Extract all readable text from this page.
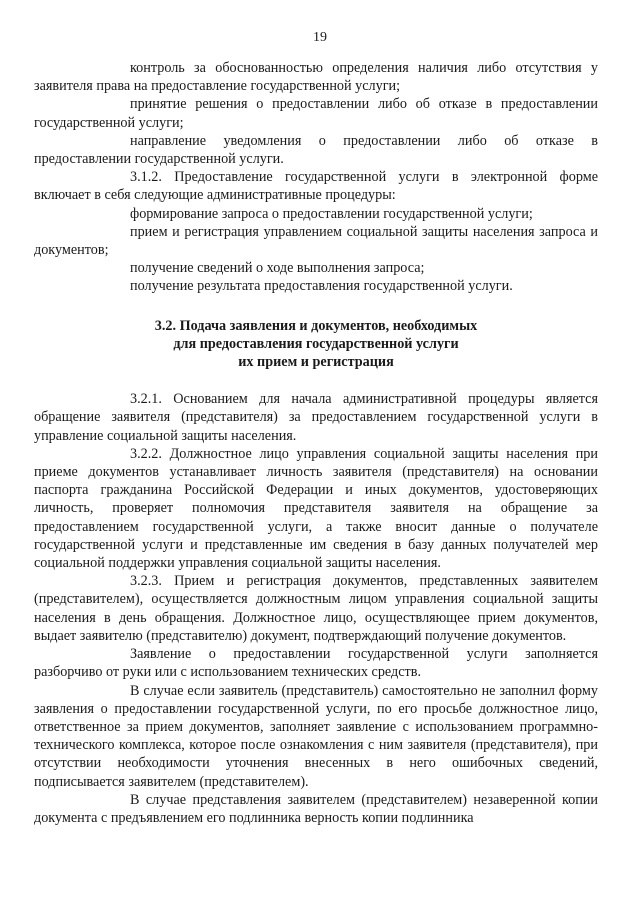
19

контроль за обоснованностью определения наличия либо отсутствия у заявителя права на предоставление государственной услуги;

принятие решения о предоставлении либо об отказе в предоставлении государственной услуги;

направление уведомления о предоставлении либо об отказе в предоставлении государственной услуги.

3.1.2. Предоставление государственной услуги в электронной форме включает в себя следующие административные процедуры:

формирование запроса о предоставлении государственной услуги;

прием и регистрация управлением социальной защиты населения запроса и документов;

получение сведений о ходе выполнения запроса;

получение результата предоставления государственной услуги.

3.2. Подача заявления и документов, необходимых
для предоставления государственной услуги
их прием и регистрация

3.2.1. Основанием для начала административной процедуры является обращение заявителя (представителя) за предоставлением государственной услуги в управление социальной защиты населения.

3.2.2. Должностное лицо управления социальной защиты населения при приеме документов устанавливает личность заявителя (представителя) на основании паспорта гражданина Российской Федерации и иных документов, удостоверяющих личность, проверяет полномочия представителя заявителя на обращение за предоставлением государственной услуги, а также вносит данные о получателе государственной услуги и представленные им сведения в базу данных получателей мер социальной поддержки управления социальной защиты населения.

3.2.3. Прием и регистрация документов, представленных заявителем (представителем), осуществляется должностным лицом управления социальной защиты населения в день обращения. Должностное лицо, осуществляющее прием документов, выдает заявителю (представителю) документ, подтверждающий получение документов.

Заявление о предоставлении государственной услуги заполняется разборчиво от руки или с использованием технических средств.

В случае если заявитель (представитель) самостоятельно не заполнил форму заявления о предоставлении государственной услуги, по его просьбе должностное лицо, ответственное за прием документов, заполняет заявление с использованием программно-технического комплекса, которое после ознакомления с ним заявителя (представителя), при отсутствии необходимости уточнения внесенных в него ошибочных сведений, подписывается заявителем (представителем).

В случае представления заявителем (представителем) незаверенной копии документа с предъявлением его подлинника верность копии подлинника
